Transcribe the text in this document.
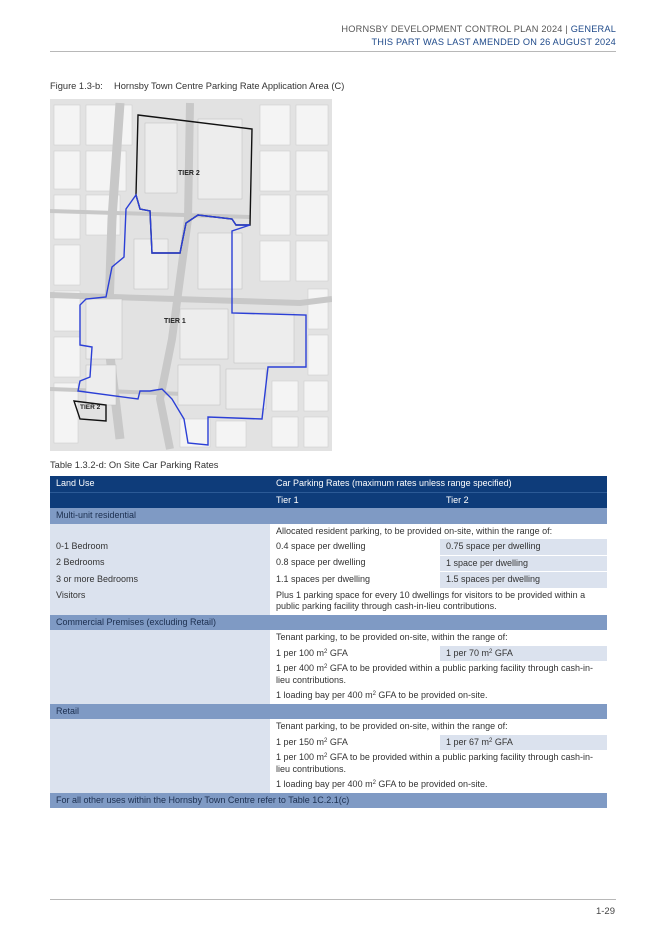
HORNSBY DEVELOPMENT CONTROL PLAN 2024 | GENERAL
THIS PART WAS LAST AMENDED ON 26 AUGUST 2024
Figure 1.3-b: Hornsby Town Centre Parking Rate Application Area (C)
TIER 2
TIER 1
TIER 2
Table 1.3.2-d: On Site Car Parking Rates
Land Use	Car Parking Rates (maximum rates unless range specified)	
	Tier 1	Tier 2
Multi-unit residential		
	Allocated resident parking, to be provided on-site, within the range of:	
0-1 Bedroom	0.4 space per dwelling	0.75 space per dwelling
2 Bedrooms	0.8 space per dwelling	1 space per dwelling
3 or more Bedrooms	1.1 spaces per dwelling	1.5 spaces per dwelling
Visitors	Plus 1 parking space for every 10 dwellings for visitors to be provided within a public parking facility through cash-in-lieu contributions.	
Commercial Premises (excluding Retail)		
	Tenant parking, to be provided on-site, within the range of:	
	1 per 100 $m^2$ GFA	1 per 70 $m^2$ GFA
	1 per 400 $m^2$ GFA to be provided within a public parking facility through cash-in-lieu contributions.	
	1 loading bay per 400 $m^2$ GFA to be provided on-site.	
Retail		
	Tenant parking, to be provided on-site, within the range of:	
	1 per 150 $m^2$ GFA	1 per 67 $m^2$ GFA
	1 per 100 $m^2$ GFA to be provided within a public parking facility through cash-in-lieu contributions.	
	1 loading bay per 400 $m^2$ GFA to be provided on-site.	
For all other uses within the Hornsby Town Centre refer to Table 1C.2.1(c)		
1-29
